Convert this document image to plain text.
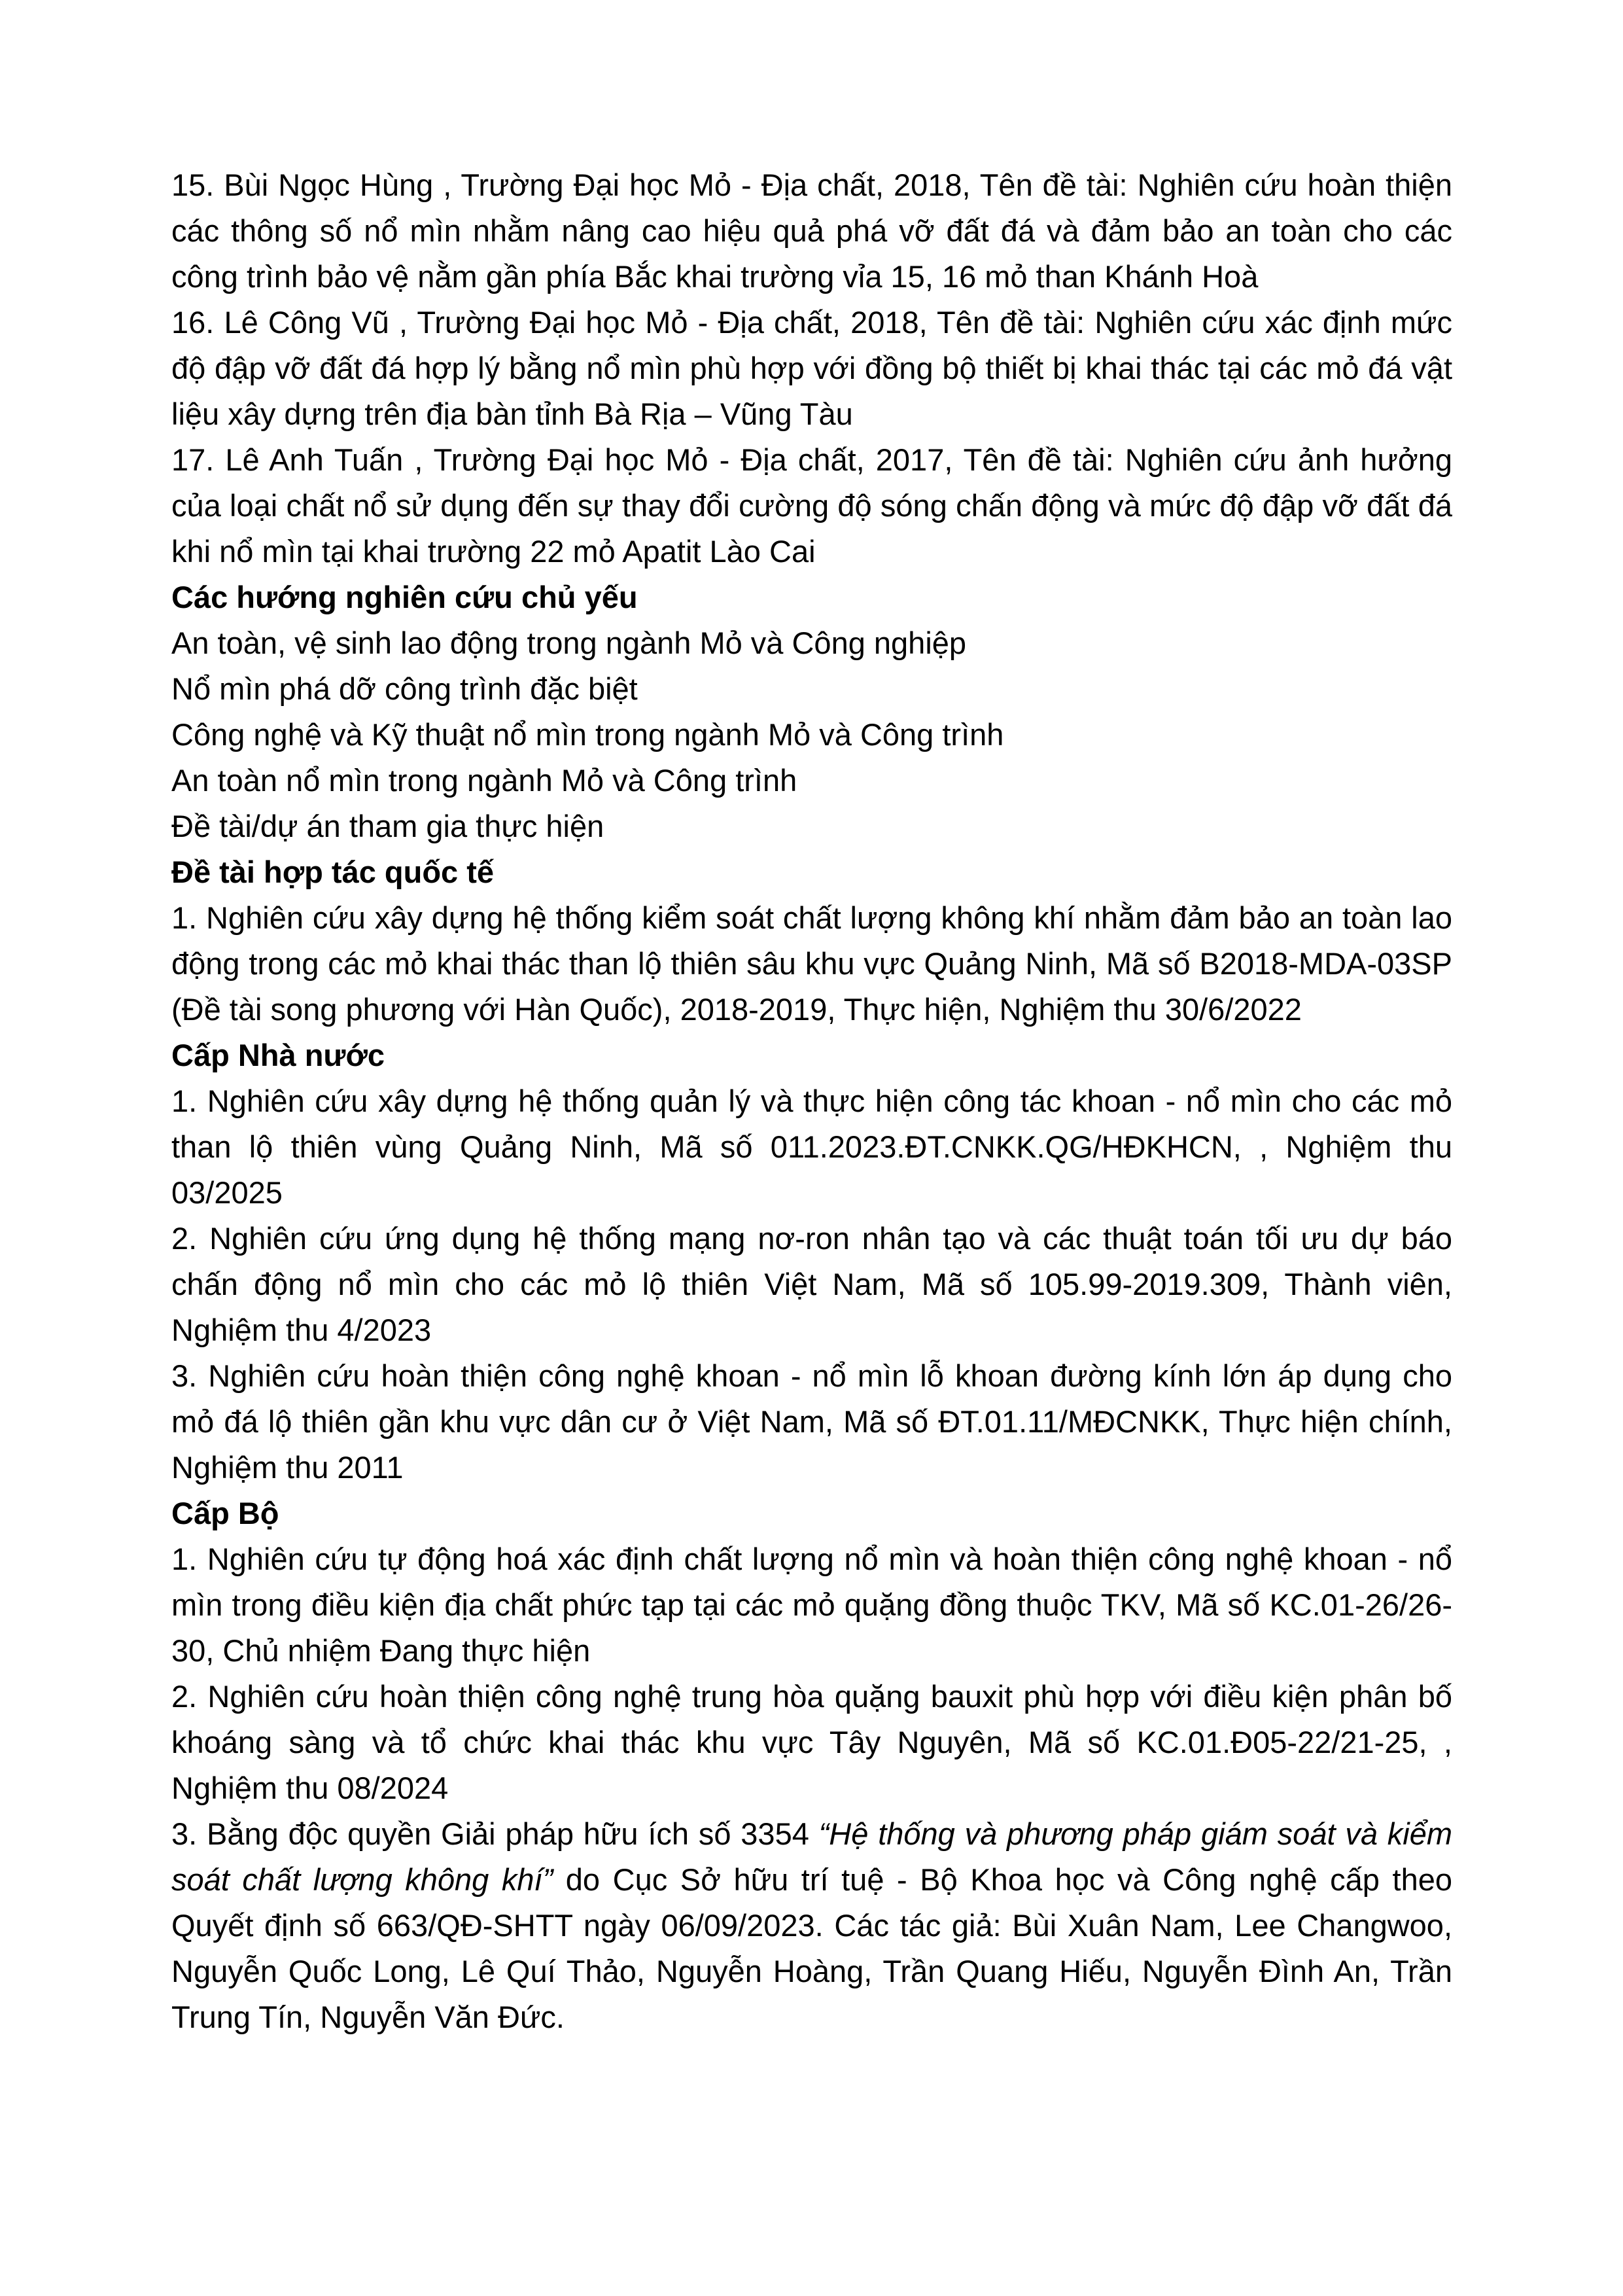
15. Bùi Ngọc Hùng , Trường Đại học Mỏ - Địa chất, 2018, Tên đề tài: Nghiên cứu hoàn thiện các thông số nổ mìn nhằm nâng cao hiệu quả phá vỡ đất đá và đảm bảo an toàn cho các công trình bảo vệ nằm gần phía Bắc khai trường vỉa 15, 16 mỏ than Khánh Hoà

16. Lê Công Vũ , Trường Đại học Mỏ - Địa chất, 2018, Tên đề tài: Nghiên cứu xác định mức độ đập vỡ đất đá hợp lý bằng nổ mìn phù hợp với đồng bộ thiết bị khai thác tại các mỏ đá vật liệu xây dựng trên địa bàn tỉnh Bà Rịa – Vũng Tàu

17. Lê Anh Tuấn , Trường Đại học Mỏ - Địa chất, 2017, Tên đề tài: Nghiên cứu ảnh hưởng của loại chất nổ sử dụng đến sự thay đổi cường độ sóng chấn động và mức độ đập vỡ đất đá khi nổ mìn tại khai trường 22 mỏ Apatit Lào Cai

Các hướng nghiên cứu chủ yếu

An toàn, vệ sinh lao động trong ngành Mỏ và Công nghiệp

Nổ mìn phá dỡ công trình đặc biệt

Công nghệ và Kỹ thuật nổ mìn trong ngành Mỏ và Công trình

An toàn nổ mìn trong ngành Mỏ và Công trình

Đề tài/dự án tham gia thực hiện

Đề tài hợp tác quốc tế

1. Nghiên cứu xây dựng hệ thống kiểm soát chất lượng không khí nhằm đảm bảo an toàn lao động trong các mỏ khai thác than lộ thiên sâu khu vực Quảng Ninh, Mã số B2018-MDA-03SP (Đề tài song phương với Hàn Quốc), 2018-2019, Thực hiện, Nghiệm thu 30/6/2022

Cấp Nhà nước

1. Nghiên cứu xây dựng hệ thống quản lý và thực hiện công tác khoan - nổ mìn cho các mỏ than lộ thiên vùng Quảng Ninh, Mã số 011.2023.ĐT.CNKK.QG/HĐKHCN, , Nghiệm thu 03/2025

2. Nghiên cứu ứng dụng hệ thống mạng nơ-ron nhân tạo và các thuật toán tối ưu dự báo chấn động nổ mìn cho các mỏ lộ thiên Việt Nam, Mã số 105.99-2019.309, Thành viên, Nghiệm thu 4/2023

3. Nghiên cứu hoàn thiện công nghệ khoan - nổ mìn lỗ khoan đường kính lớn áp dụng cho mỏ đá lộ thiên gần khu vực dân cư ở Việt Nam, Mã số ĐT.01.11/MĐCNKK, Thực hiện chính, Nghiệm thu 2011

Cấp Bộ

1. Nghiên cứu tự động hoá xác định chất lượng nổ mìn và hoàn thiện công nghệ khoan - nổ mìn trong điều kiện địa chất phức tạp tại các mỏ quặng đồng thuộc TKV, Mã số KC.01-26/26-30, Chủ nhiệm Đang thực hiện

2. Nghiên cứu hoàn thiện công nghệ trung hòa quặng bauxit phù hợp với điều kiện phân bố khoáng sàng và tổ chức khai thác khu vực Tây Nguyên, Mã số KC.01.Đ05-22/21-25, , Nghiệm thu 08/2024

3. Bằng độc quyền Giải pháp hữu ích số 3354 “Hệ thống và phương pháp giám soát và kiểm soát chất lượng không khí” do Cục Sở hữu trí tuệ - Bộ Khoa học và Công nghệ cấp theo Quyết định số 663/QĐ-SHTT ngày 06/09/2023. Các tác giả: Bùi Xuân Nam, Lee Changwoo, Nguyễn Quốc Long, Lê Quí Thảo, Nguyễn Hoàng, Trần Quang Hiếu, Nguyễn Đình An, Trần Trung Tín, Nguyễn Văn Đức.
